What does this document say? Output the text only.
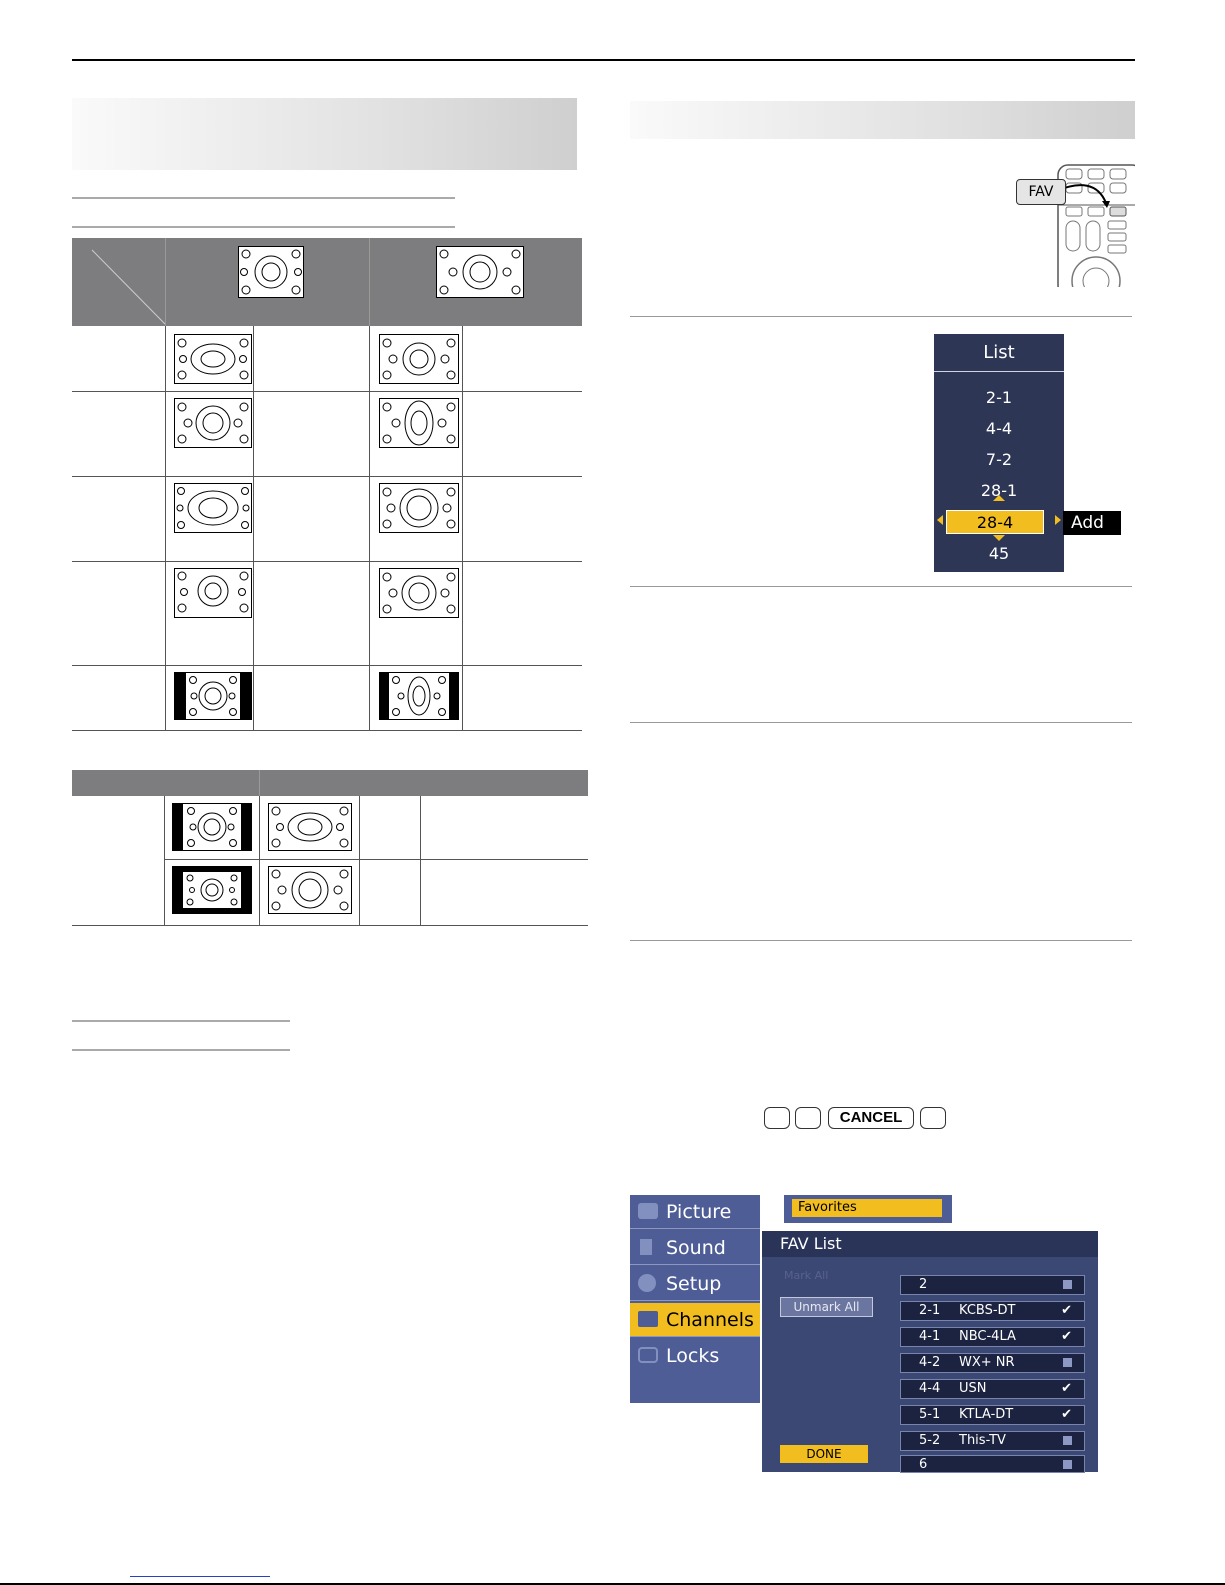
FAV
List
2-1
4-4
7-2
28-1
45
28-4	Add
CANCEL
Picture
Sound
Setup
Channels
Locks
Favorites
FAV List
Mark All
Unmark All
2
2-1 KCBS-DT	✔
4-1 NBC-4LA	✔
4-2 WX+ NR
4-4 USN	✔
5-1 KTLA-DT	✔
5-2 This-TV
6
DONE
